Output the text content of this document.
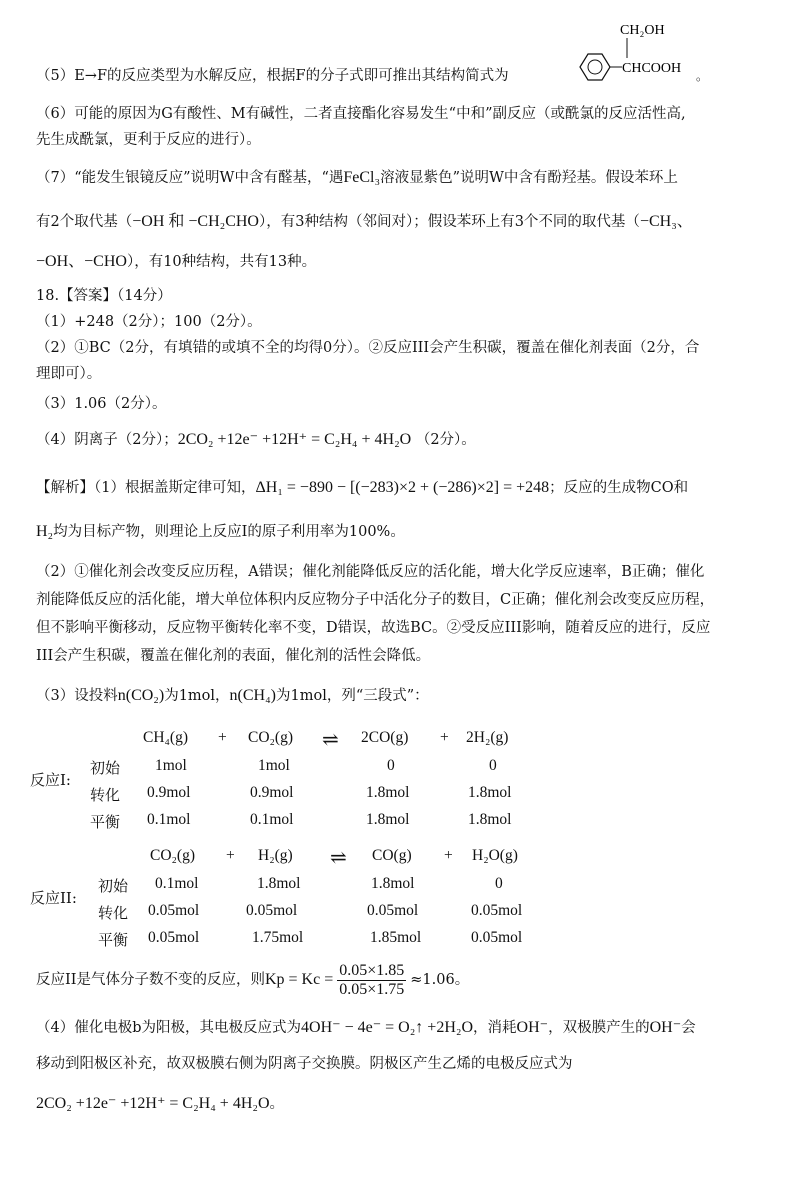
（5）E→F的反应类型为水解反应，根据F的分子式即可推出其结构简式为
CH₂OH
CHCOOH 。
（6）可能的原因为G有酸性、M有碱性，二者直接酯化容易发生“中和”副反应（或酰氯的反应活性高,
先生成酰氯，更利于反应的进行）。
（7）“能发生银镜反应”说明W中含有醛基，“遇FeCl₃溶液显紫色”说明W中含有酚羟基。假设苯环上
有2个取代基（−OH 和 −CH₂CHO），有3种结构（邻间对）；假设苯环上有3个不同的取代基（−CH₃、
−OH、−CHO），有10种结构，共有13种。
18.【答案】（14分）
（1）+248（2分）；100（2分）。
（2）①BC（2分，有填错的或填不全的均得0分）。②反应III会产生积碳，覆盖在催化剂表面（2分，合
理即可）。
（3）1.06（2分）。
（4）阴离子（2分）；2CO₂ +12e⁻ +12H⁺ = C₂H₄ + 4H₂O （2分）。
【解析】（1）根据盖斯定律可知，ΔH₁ = −890 − [(−283)×2 + (−286)×2] = +248；反应的生成物CO和
H₂均为目标产物，则理论上反应I的原子利用率为100%。
（2）①催化剂会改变反应历程，A错误；催化剂能降低反应的活化能，增大化学反应速率，B正确；催化
剂能降低反应的活化能，增大单位体积内反应物分子中活化分子的数目，C正确；催化剂会改变反应历程，
但不影响平衡移动，反应物平衡转化率不变，D错误，故选BC。②受反应III影响，随着反应的进行，反应
III会产生积碳，覆盖在催化剂的表面，催化剂的活性会降低。
（3）设投料n(CO₂)为1mol，n(CH₄)为1mol，列“三段式”：
CH₄(g) + CO₂(g) ⇌ 2CO(g) + 2H₂(g)
反应I:
初始 1mol	1mol	0	0
转化 0.9mol	0.9mol	1.8mol	1.8mol
平衡 0.1mol	0.1mol	1.8mol	1.8mol
CO₂(g) + H₂(g) ⇌ CO(g) + H₂O(g)
反应II:
初始 0.1mol	1.8mol	1.8mol	0
转化 0.05mol	0.05mol	0.05mol	0.05mol
平衡 0.05mol	1.75mol	1.85mol	0.05mol
反应II是气体分子数不变的反应，则$Kp = Kc = \frac{0.05\times 1.85}{0.05\times 1.75} \approx 1.06$。
（4）催化电极b为阳极，其电极反应式为4OH⁻ − 4e⁻ = O₂↑ +2H₂O，消耗OH⁻，双极膜产生的OH⁻会
移动到阳极区补充，故双极膜右侧为阴离子交换膜。阴极区产生乙烯的电极反应式为
2CO₂ +12e⁻ +12H⁺ = C₂H₄ + 4H₂O。
